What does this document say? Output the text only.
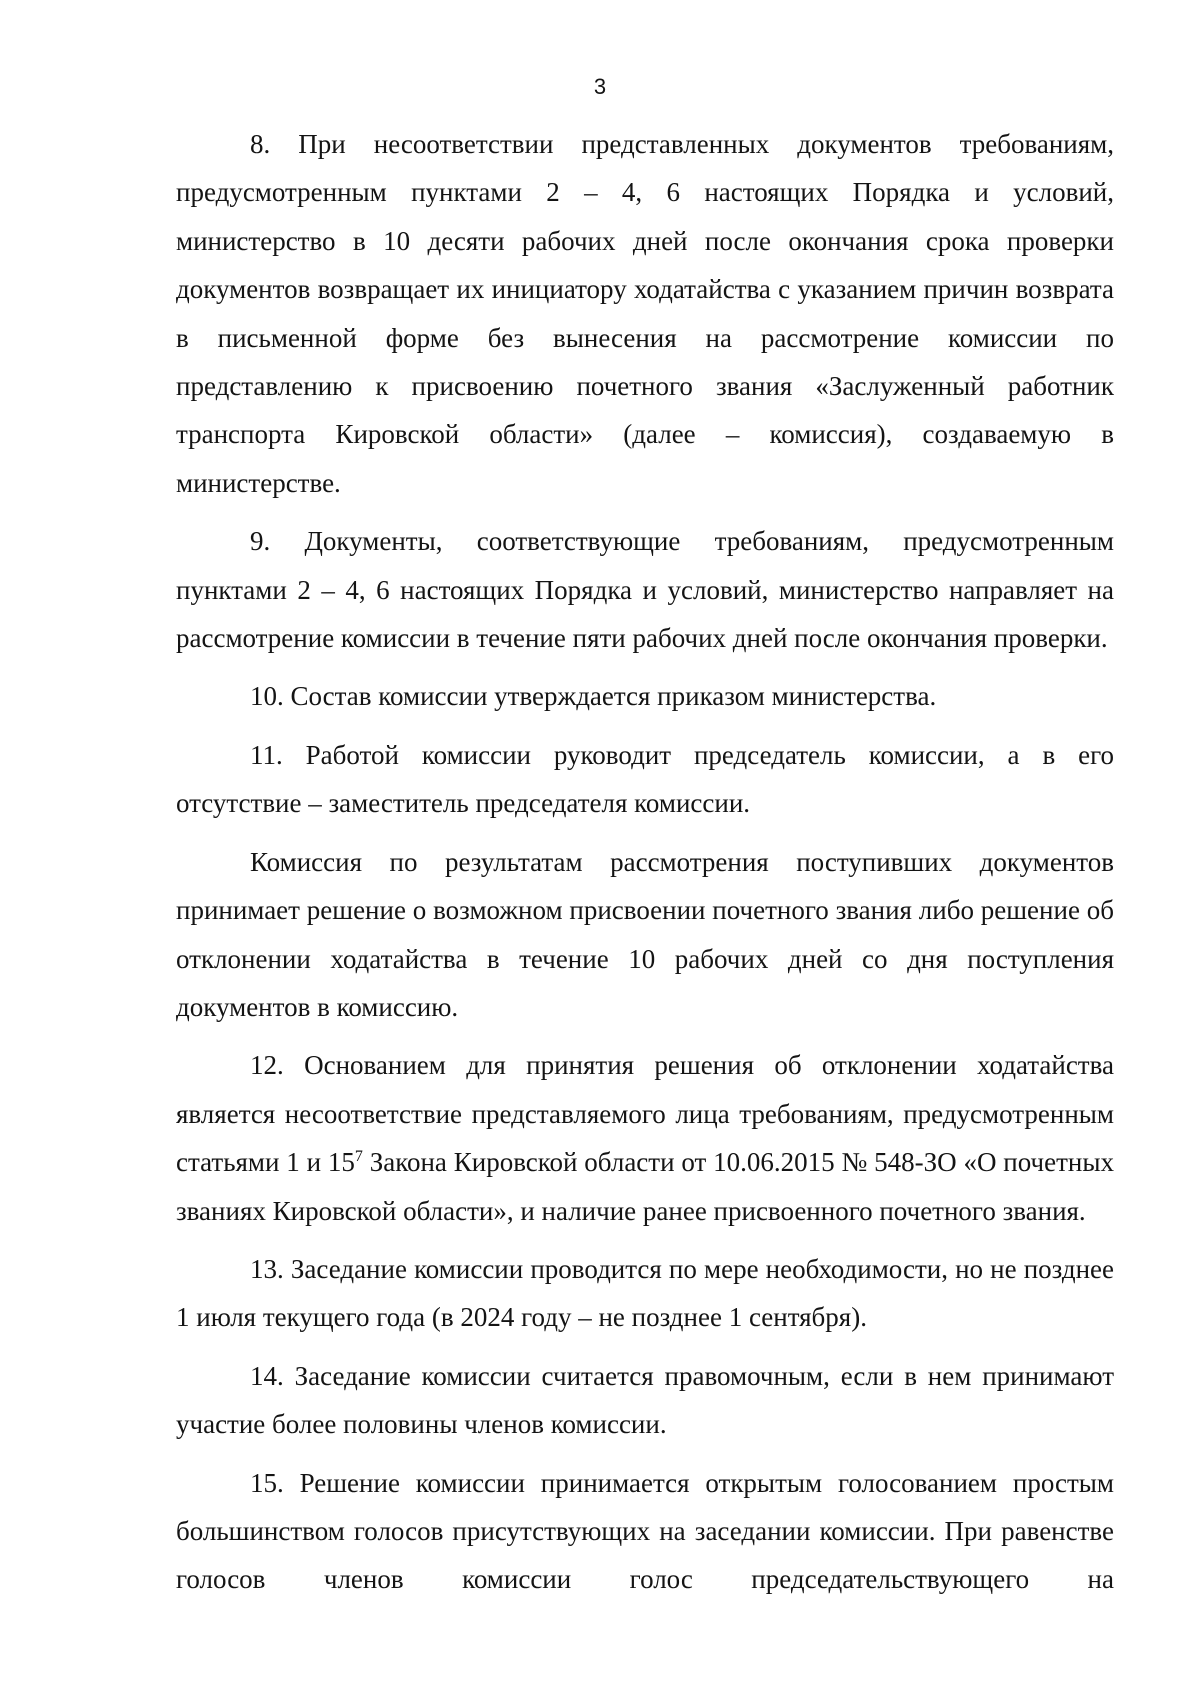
3

8. При несоответствии представленных документов требованиям, предусмотренным пунктами 2 – 4, 6 настоящих Порядка и условий, министерство в 10 десяти рабочих дней после окончания срока проверки документов возвращает их инициатору ходатайства с указанием причин возврата в письменной форме без вынесения на рассмотрение комиссии по представлению к присвоению почетного звания «Заслуженный работник транспорта Кировской области» (далее – комиссия), создаваемую в министерстве.

9. Документы, соответствующие требованиям, предусмотренным пунктами 2 – 4, 6 настоящих Порядка и условий, министерство направляет на рассмотрение комиссии в течение пяти рабочих дней после окончания проверки.

10. Состав комиссии утверждается приказом министерства.

11. Работой комиссии руководит председатель комиссии, а в его отсутствие – заместитель председателя комиссии.

Комиссия по результатам рассмотрения поступивших документов принимает решение о возможном присвоении почетного звания либо решение об отклонении ходатайства в течение 10 рабочих дней со дня поступления документов в комиссию.

12. Основанием для принятия решения об отклонении ходатайства является несоответствие представляемого лица требованиям, предусмотренным статьями 1 и $15^7$ Закона Кировской области от 10.06.2015 № 548-ЗО «О почетных званиях Кировской области», и наличие ранее присвоенного почетного звания.

13. Заседание комиссии проводится по мере необходимости, но не позднее 1 июля текущего года (в 2024 году – не позднее 1 сентября).

14. Заседание комиссии считается правомочным, если в нем принимают участие более половины членов комиссии.

15. Решение комиссии принимается открытым голосованием простым большинством голосов присутствующих на заседании комиссии. При равенстве голосов членов комиссии голос председательствующего на
